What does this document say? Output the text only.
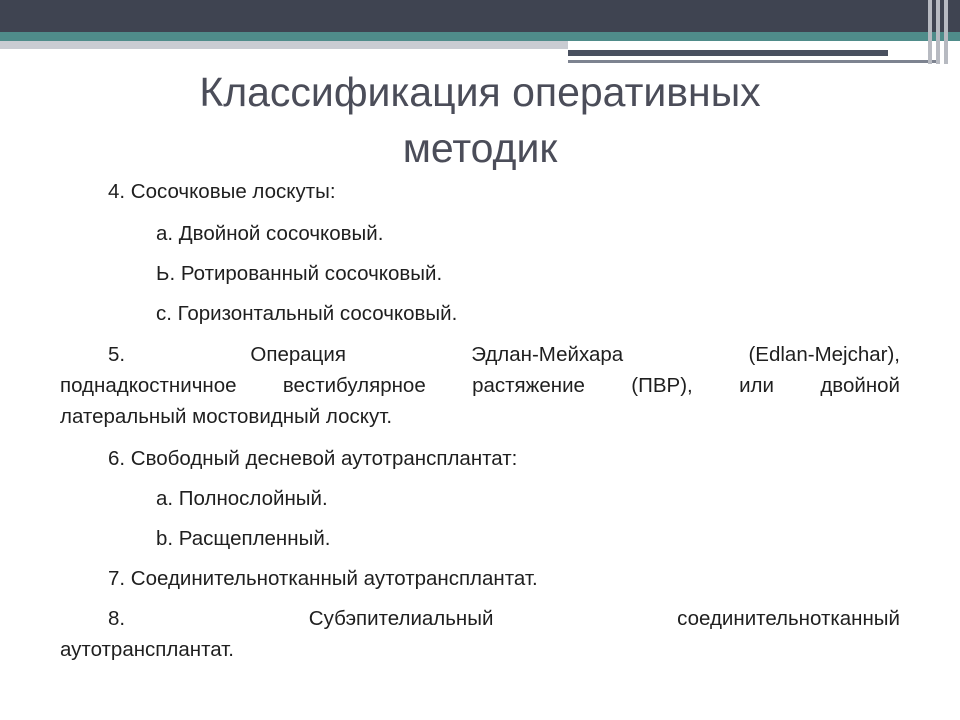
Классификация оперативных
методик
4. Сосочковые лоскуты:
а. Двойной сосочковый.
Ь. Ротированный сосочковый.
с. Горизонтальный сосочковый.
5. Операция Эдлан-Мейхара (Edlan-Mejchar),
поднадкостничное вестибулярное растяжение (ПВР), или двойной
латеральный мостовидный лоскут.
6. Свободный десневой аутотрансплантат:
а. Полнослойный.
b. Расщепленный.
7. Соединительнотканный аутотрансплантат.
8. Субэпителиальный соединительнотканный
аутотрансплантат.
